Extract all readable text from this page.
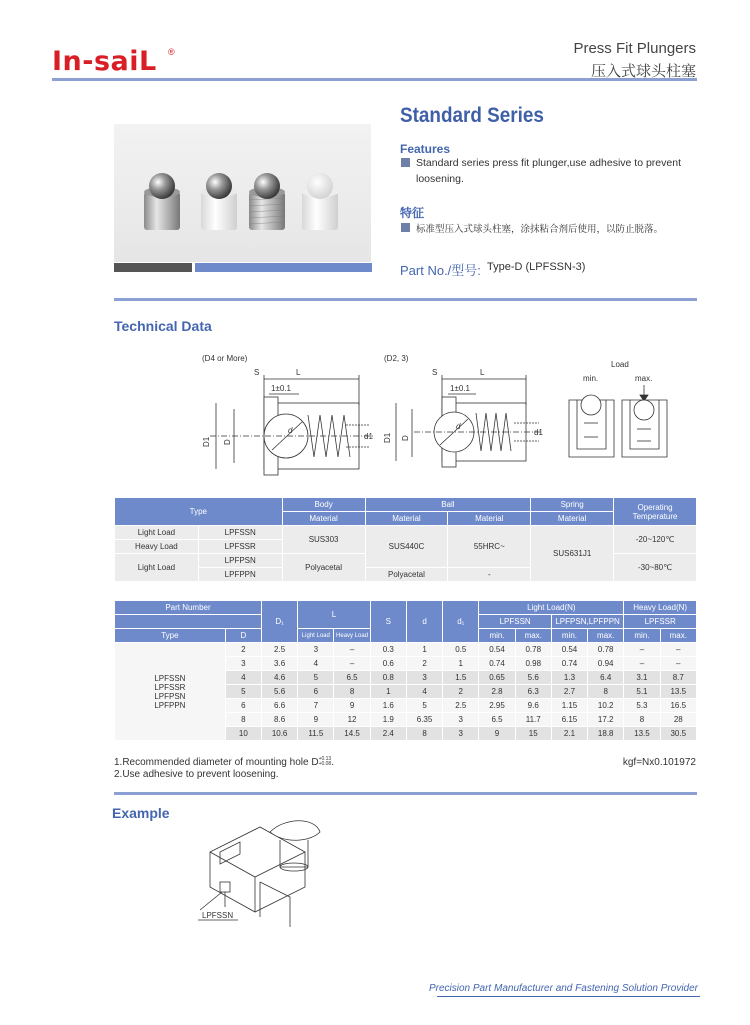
In-saiL ®	Press Fit Plungers
压入式球头柱塞
Standard Series
Features
Standard series press fit plunger,use adhesive to prevent
loosening.
特征
标准型压入式球头柱塞，涂抹粘合剂后使用，以防止脱落。
Part No./型号: Type-D (LPFSSN-3)
Technical Data
(D4 or More)
S	L
1±0.1
d
D1 D
d1
(D2, 3)
S	L
1±0.1
d
D1 D
d1
Load
min.	max.
Type		Body	Ball		Spring	Operating Temperature
		Material	Material	Material	Material	
Light Load	LPFSSN	SUS303	SUS440C	55HRC~	SUS631J1	-20~120℃
Heavy Load	LPFSSR					
Light Load	LPFPSN	Polyacetal				-30~80℃
	LPFPPN		Polyacetal	-		
Part Number		D₁	L		S	d	d₁	Light Load(N)				Heavy Load(N)	
								LPFSSN		LPFPSN,LPFPPN		LPFSSR	
Type	D		Light Load	Heavy Load				min.	max.	min.	max.	min.	max.
LPFSSN
LPFSSR
LPFPSN
LPFPPN	2	2.5	3	–	0.3	1	0.5	0.54	0.78	0.54	0.78	–	–
	3	3.6	4	–	0.6	2	1	0.74	0.98	0.74	0.94	–	–
	4	4.6	5	6.5	0.8	3	1.5	0.65	5.6	1.3	6.4	3.1	8.7
	5	5.6	6	8	1	4	2	2.8	6.3	2.7	8	5.1	13.5
	6	6.6	7	9	1.6	5	2.5	2.95	9.6	1.15	10.2	5.3	16.5
	8	8.6	9	12	1.9	6.35	3	6.5	11.7	6.15	17.2	8	28
	10	10.6	11.5	14.5	2.4	8	3	9	15	2.1	18.8	13.5	30.5
1.Recommended diameter of mounting hole D +0.13
+0.08 .
2.Use adhesive to prevent loosening.
kgf=Nx0.101972
Example
LPFSSN
Precision Part Manufacturer and Fastening Solution Provider
